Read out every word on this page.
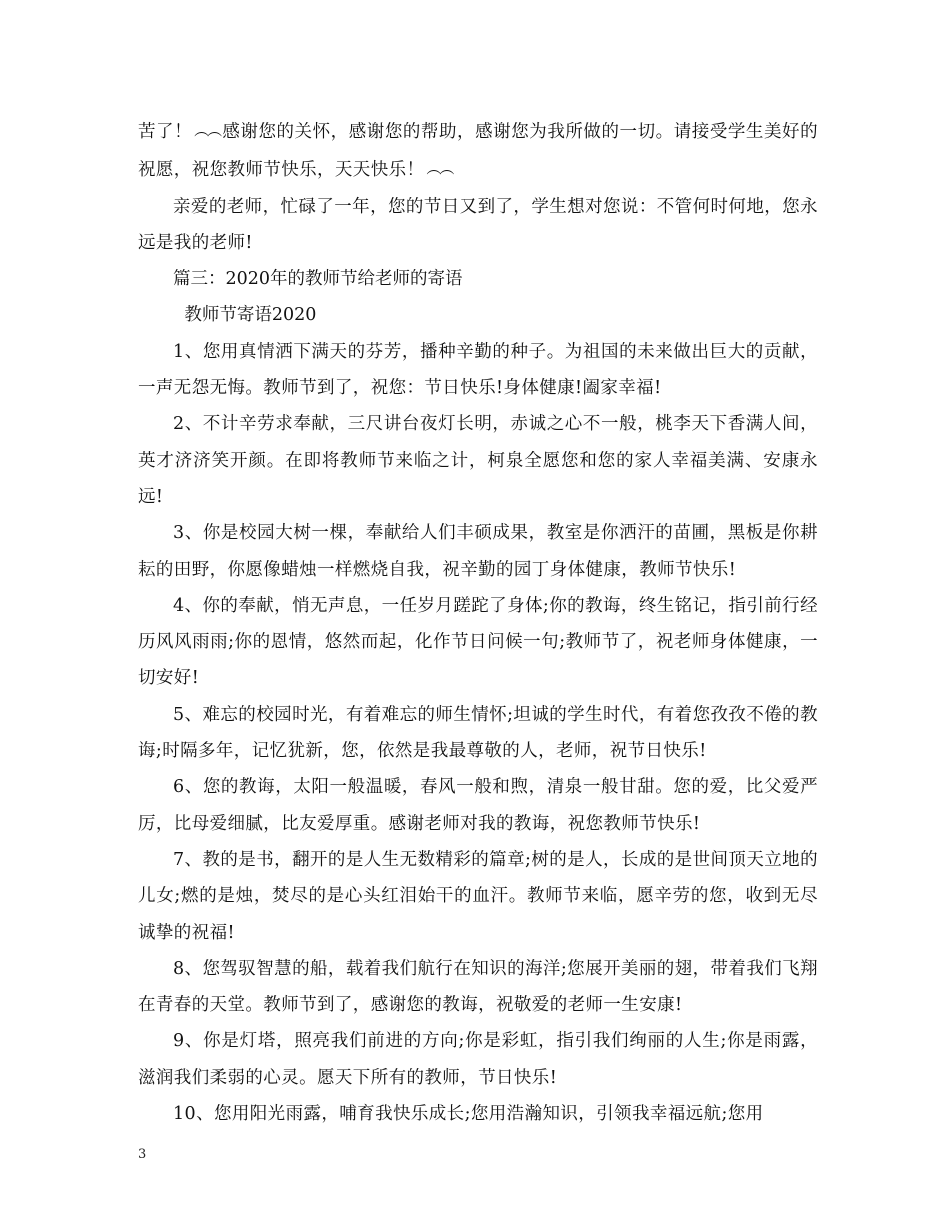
苦了！ ︵︵ 感谢您的关怀，感谢您的帮助，感谢您为我所做的一切。请接受学生美好的祝愿，祝您教师节快乐，天天快乐！ ︵︵

亲爱的老师，忙碌了一年，您的节日又到了，学生想对您说：不管何时何地，您永远是我的老师!

篇三：2020年的教师节给老师的寄语

教师节寄语2020

1、您用真情洒下满天的芬芳，播种辛勤的种子。为祖国的未来做出巨大的贡献，一声无怨无悔。教师节到了，祝您：节日快乐!身体健康!阖家幸福!

2、不计辛劳求奉献，三尺讲台夜灯长明，赤诚之心不一般，桃李天下香满人间，英才济济笑开颜。在即将教师节来临之计，柯泉全愿您和您的家人幸福美满、安康永远!

3、你是校园大树一棵，奉献给人们丰硕成果，教室是你洒汗的苗圃，黑板是你耕耘的田野，你愿像蜡烛一样燃烧自我，祝辛勤的园丁身体健康，教师节快乐!

4、你的奉献，悄无声息，一任岁月蹉跎了身体;你的教诲，终生铭记，指引前行经历风风雨雨;你的恩情，悠然而起，化作节日问候一句;教师节了，祝老师身体健康，一切安好!

5、难忘的校园时光，有着难忘的师生情怀;坦诚的学生时代，有着您孜孜不倦的教诲;时隔多年，记忆犹新，您，依然是我最尊敬的人，老师，祝节日快乐!

6、您的教诲，太阳一般温暖，春风一般和煦，清泉一般甘甜。您的爱，比父爱严厉，比母爱细腻，比友爱厚重。感谢老师对我的教诲，祝您教师节快乐!

7、教的是书，翻开的是人生无数精彩的篇章;树的是人，长成的是世间顶天立地的儿女;燃的是烛，焚尽的是心头红泪始干的血汗。教师节来临，愿辛劳的您，收到无尽诚挚的祝福!

8、您驾驭智慧的船，载着我们航行在知识的海洋;您展开美丽的翅，带着我们飞翔在青春的天堂。教师节到了，感谢您的教诲，祝敬爱的老师一生安康!

9、你是灯塔，照亮我们前进的方向;你是彩虹，指引我们绚丽的人生;你是雨露，滋润我们柔弱的心灵。愿天下所有的教师，节日快乐!

10、您用阳光雨露，哺育我快乐成长;您用浩瀚知识，引领我幸福远航;您用

3
